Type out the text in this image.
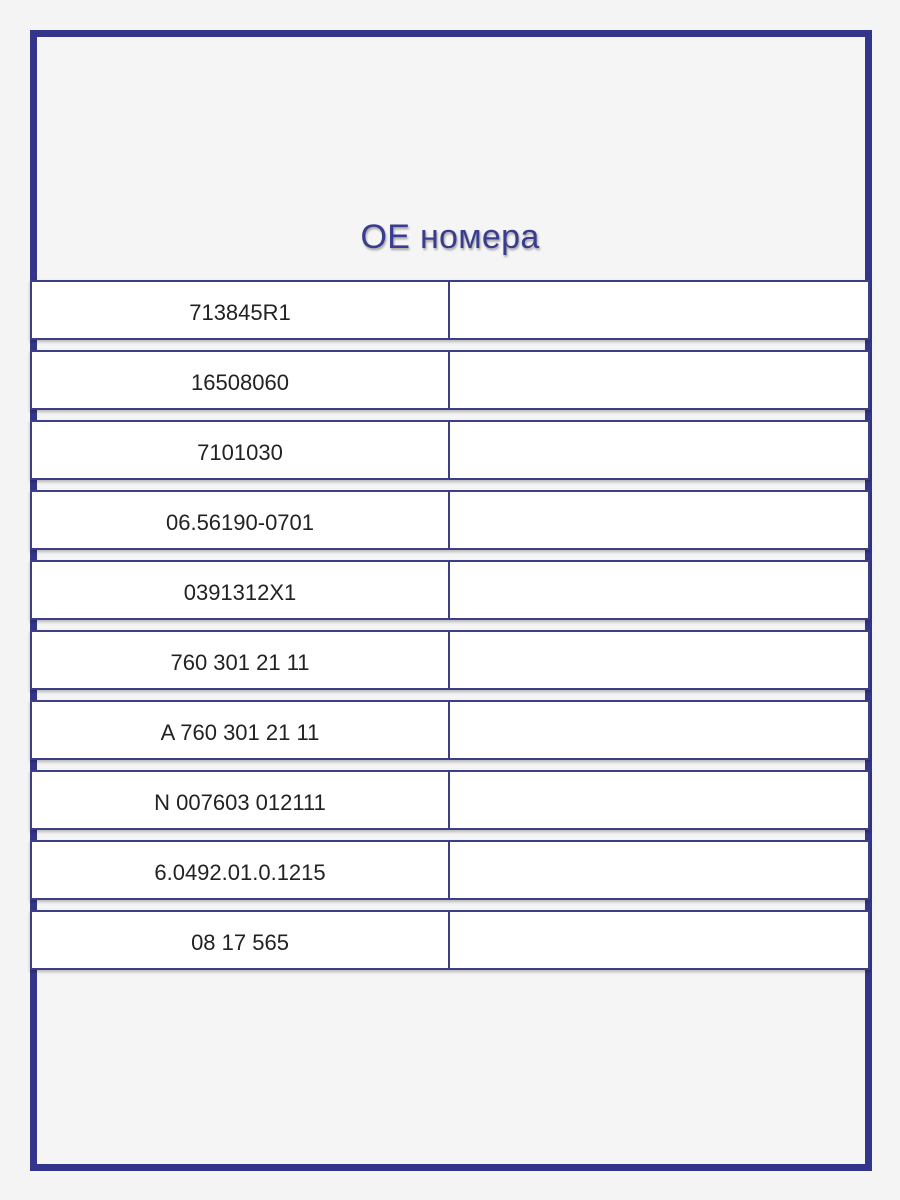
OE номера
713845R1
16508060
7101030
06.56190-0701
0391312X1
760 301 21 11
A 760 301 21 11
N 007603 012111
6.0492.01.0.1215
08 17 565
